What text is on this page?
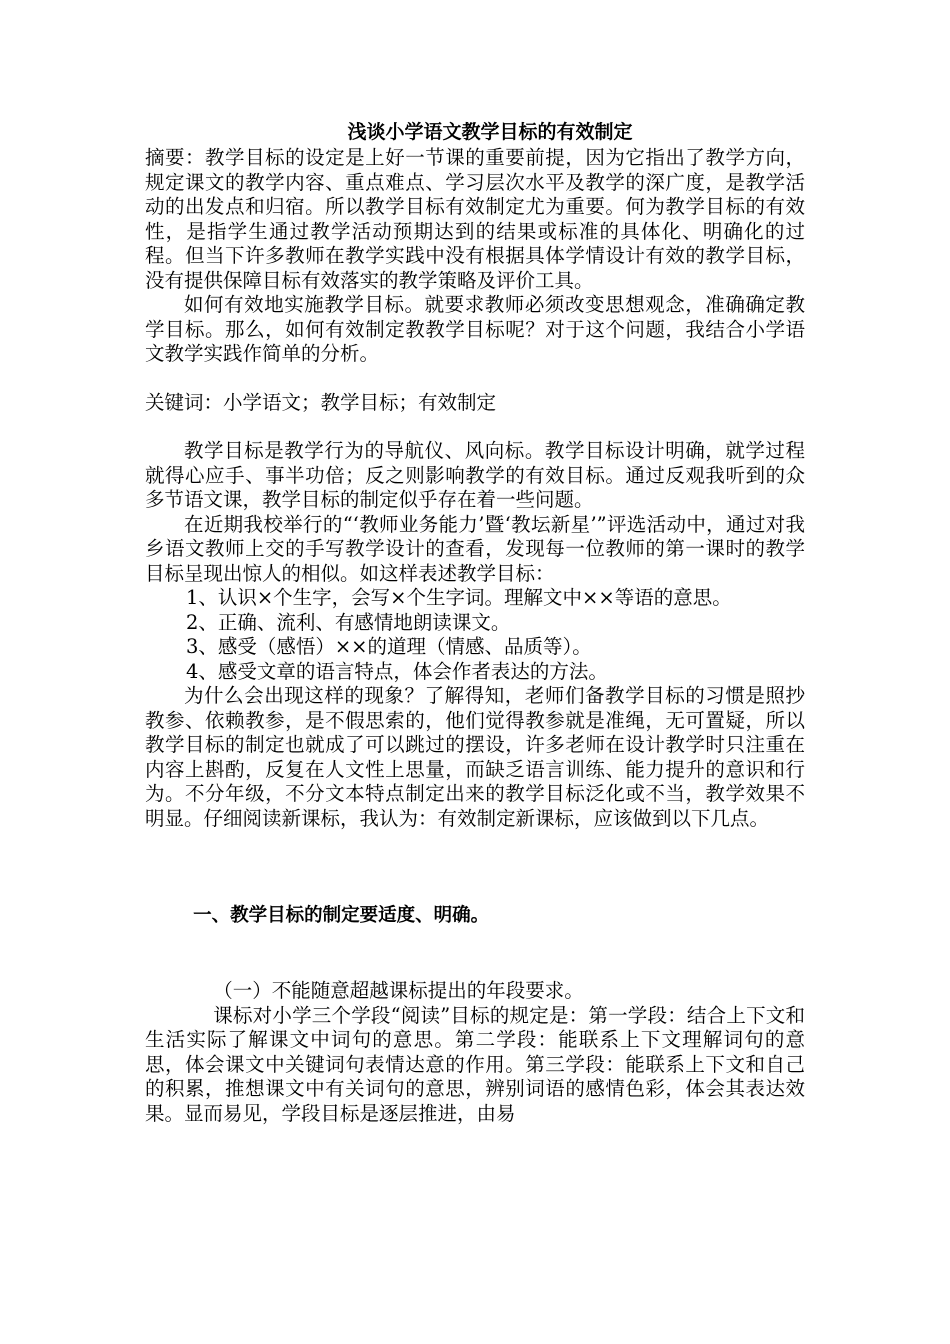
浅谈小学语文教学目标的有效制定

摘要：教学目标的设定是上好一节课的重要前提，因为它指出了教学方向，规定课文的教学内容、重点难点、学习层次水平及教学的深广度，是教学活动的出发点和归宿。所以教学目标有效制定尤为重要。何为教学目标的有效性，是指学生通过教学活动预期达到的结果或标准的具体化、明确化的过程。但当下许多教师在教学实践中没有根据具体学情设计有效的教学目标，没有提供保障目标有效落实的教学策略及评价工具。

如何有效地实施教学目标。就要求教师必须改变思想观念，准确确定教学目标。那么，如何有效制定教教学目标呢？对于这个问题，我结合小学语文教学实践作简单的分析。

关键词：小学语文；教学目标；有效制定

教学目标是教学行为的导航仪、风向标。教学目标设计明确，就学过程就得心应手、事半功倍；反之则影响教学的有效目标。通过反观我听到的众多节语文课，教学目标的制定似乎存在着一些问题。

在近期我校举行的“‘教师业务能力’暨‘教坛新星’”评选活动中，通过对我乡语文教师上交的手写教学设计的查看，发现每一位教师的第一课时的教学目标呈现出惊人的相似。如这样表述教学目标：

1、认识×个生字，会写×个生字词。理解文中××等语的意思。

2、正确、流利、有感情地朗读课文。

3、感受（感悟）××的道理（情感、品质等）。

4、感受文章的语言特点，体会作者表达的方法。

为什么会出现这样的现象？了解得知，老师们备教学目标的习惯是照抄教参、依赖教参，是不假思索的，他们觉得教参就是准绳，无可置疑，所以教学目标的制定也就成了可以跳过的摆设，许多老师在设计教学时只注重在内容上斟酌，反复在人文性上思量，而缺乏语言训练、能力提升的意识和行为。不分年级，不分文本特点制定出来的教学目标泛化或不当，教学效果不明显。仔细阅读新课标，我认为：有效制定新课标，应该做到以下几点。

一、教学目标的制定要适度、明确。

（一）不能随意超越课标提出的年段要求。

课标对小学三个学段“阅读”目标的规定是：第一学段：结合上下文和生活实际了解课文中词句的意思。第二学段：能联系上下文理解词句的意思，体会课文中关键词句表情达意的作用。第三学段：能联系上下文和自己的积累，推想课文中有关词句的意思，辨别词语的感情色彩，体会其表达效果。显而易见，学段目标是逐层推进，由易
